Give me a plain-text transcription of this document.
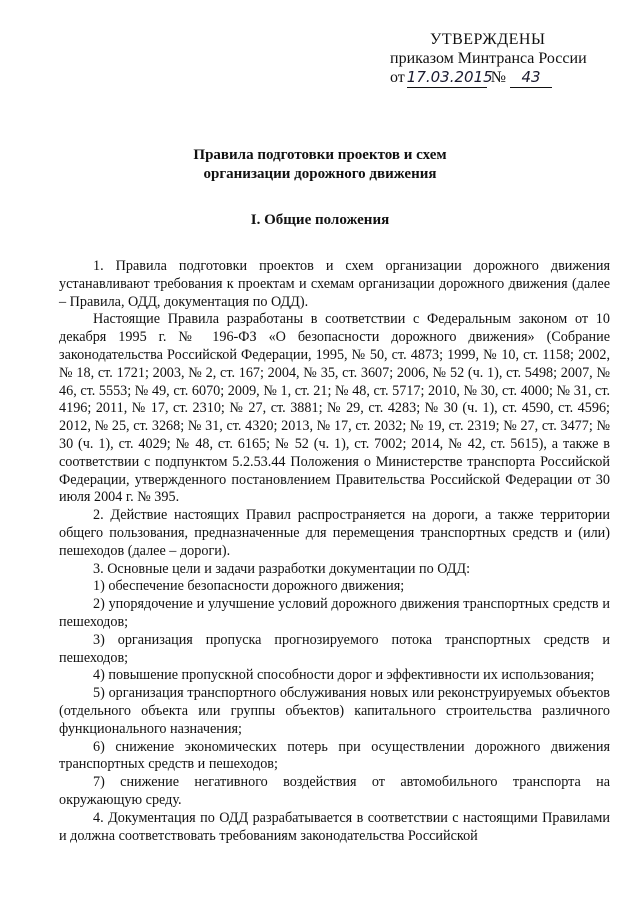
УТВЕРЖДЕНЫ
приказом Минтранса России
от 17.03.2015
№	43
Правила подготовки проектов и схем
организации дорожного движения
I. Общие положения

1. Правила подготовки проектов и схем организации дорожного движения устанавливают требования к проектам и схемам организации дорожного движения (далее – Правила, ОДД, документация по ОДД).

Настоящие Правила разработаны в соответствии с Федеральным законом от 10 декабря 1995 г. № 196-ФЗ «О безопасности дорожного движения» (Собрание законодательства Российской Федерации, 1995, № 50, ст. 4873; 1999, № 10, ст. 1158; 2002, № 18, ст. 1721; 2003, № 2, ст. 167; 2004, № 35, ст. 3607; 2006, № 52 (ч. 1), ст. 5498; 2007, № 46, ст. 5553; № 49, ст. 6070; 2009, № 1, ст. 21; № 48, ст. 5717; 2010, № 30, ст. 4000; № 31, ст. 4196; 2011, № 17, ст. 2310; № 27, ст. 3881; № 29, ст. 4283; № 30 (ч. 1), ст. 4590, ст. 4596; 2012, № 25, ст. 3268; № 31, ст. 4320; 2013, № 17, ст. 2032; № 19, ст. 2319; № 27, ст. 3477; № 30 (ч. 1), ст. 4029; № 48, ст. 6165; № 52 (ч. 1), ст. 7002; 2014, № 42, ст. 5615), а также в соответствии с подпунктом 5.2.53.44 Положения о Министерстве транспорта Российской Федерации, утвержденного постановлением Правительства Российской Федерации от 30 июля 2004 г. № 395.

2. Действие настоящих Правил распространяется на дороги, а также территории общего пользования, предназначенные для перемещения транспортных средств и (или) пешеходов (далее – дороги).

3. Основные цели и задачи разработки документации по ОДД:

1) обеспечение безопасности дорожного движения;

2) упорядочение и улучшение условий дорожного движения транспортных средств и пешеходов;

3) организация пропуска прогнозируемого потока транспортных средств и пешеходов;

4) повышение пропускной способности дорог и эффективности их использования;

5) организация транспортного обслуживания новых или реконструируемых объектов (отдельного объекта или группы объектов) капитального строительства различного функционального назначения;

6) снижение экономических потерь при осуществлении дорожного движения транспортных средств и пешеходов;

7) снижение негативного воздействия от автомобильного транспорта на окружающую среду.

4. Документация по ОДД разрабатывается в соответствии с настоящими Правилами и должна соответствовать требованиям законодательства Российской
